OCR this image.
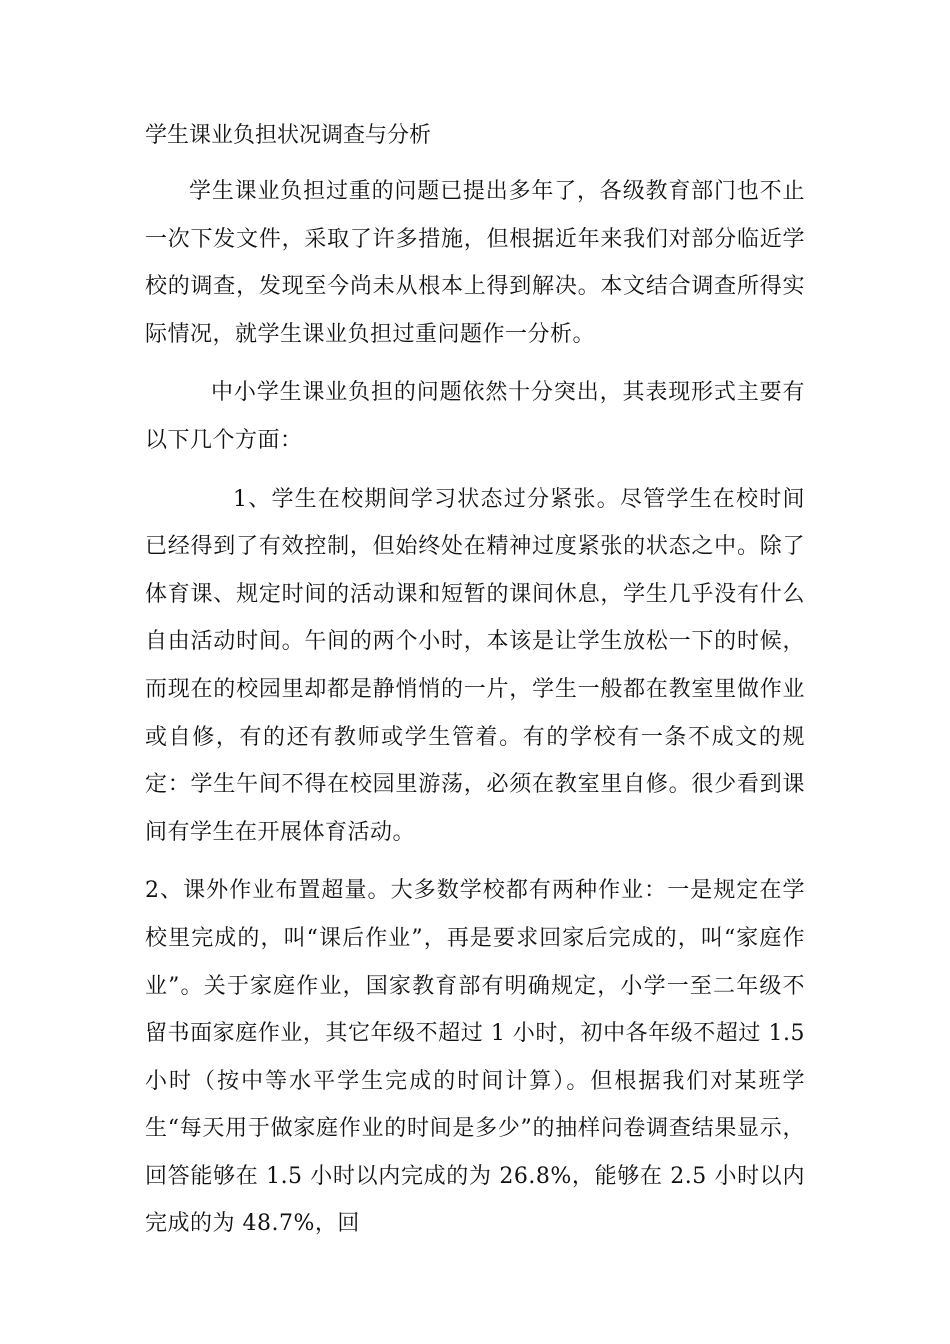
学生课业负担状况调查与分析

学生课业负担过重的问题已提出多年了，各级教育部门也不止一次下发文件，采取了许多措施，但根据近年来我们对部分临近学校的调查，发现至今尚未从根本上得到解决。本文结合调查所得实际情况，就学生课业负担过重问题作一分析。

中小学生课业负担的问题依然十分突出，其表现形式主要有以下几个方面：

1、学生在校期间学习状态过分紧张。尽管学生在校时间已经得到了有效控制，但始终处在精神过度紧张的状态之中。除了体育课、规定时间的活动课和短暂的课间休息，学生几乎没有什么自由活动时间。午间的两个小时，本该是让学生放松一下的时候，而现在的校园里却都是静悄悄的一片，学生一般都在教室里做作业或自修，有的还有教师或学生管着。有的学校有一条不成文的规定：学生午间不得在校园里游荡，必须在教室里自修。很少看到课间有学生在开展体育活动。

2、课外作业布置超量。大多数学校都有两种作业：一是规定在学校里完成的，叫“课后作业”，再是要求回家后完成的，叫“家庭作业”。关于家庭作业，国家教育部有明确规定，小学一至二年级不留书面家庭作业，其它年级不超过 1 小时，初中各年级不超过 1.5 小时（按中等水平学生完成的时间计算）。但根据我们对某班学生“每天用于做家庭作业的时间是多少”的抽样问卷调查结果显示，回答能够在 1.5 小时以内完成的为 26.8%，能够在 2.5 小时以内完成的为 48.7%，回
